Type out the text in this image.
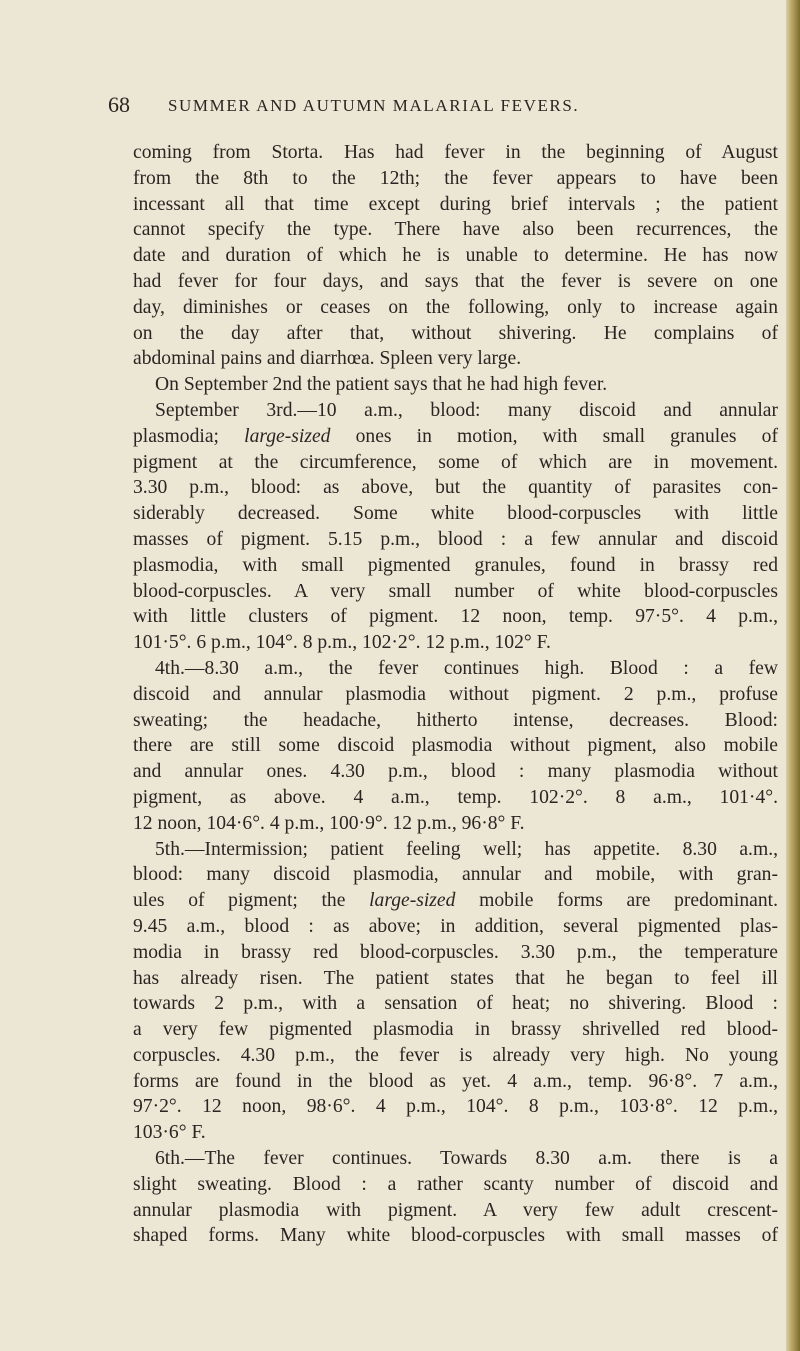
68 SUMMER AND AUTUMN MALARIAL FEVERS.
coming from Storta. Has had fever in the beginning of August
from the 8th to the 12th; the fever appears to have been
incessant all that time except during brief intervals ; the patient
cannot specify the type. There have also been recurrences, the
date and duration of which he is unable to determine. He has now
had fever for four days, and says that the fever is severe on one
day, diminishes or ceases on the following, only to increase again
on the day after that, without shivering. He complains of
abdominal pains and diarrhœa. Spleen very large.
On September 2nd the patient says that he had high fever.
September 3rd.—10 a.m., blood: many discoid and annular
plasmodia; large-sized ones in motion, with small granules of
pigment at the circumference, some of which are in movement.
3.30 p.m., blood: as above, but the quantity of parasites con-
siderably decreased. Some white blood-corpuscles with little
masses of pigment. 5.15 p.m., blood : a few annular and discoid
plasmodia, with small pigmented granules, found in brassy red
blood-corpuscles. A very small number of white blood-corpuscles
with little clusters of pigment. 12 noon, temp. 97·5°. 4 p.m.,
101·5°. 6 p.m., 104°. 8 p.m., 102·2°. 12 p.m., 102° F.
4th.—8.30 a.m., the fever continues high. Blood : a few
discoid and annular plasmodia without pigment. 2 p.m., profuse
sweating; the headache, hitherto intense, decreases. Blood:
there are still some discoid plasmodia without pigment, also mobile
and annular ones. 4.30 p.m., blood : many plasmodia without
pigment, as above. 4 a.m., temp. 102·2°. 8 a.m., 101·4°.
12 noon, 104·6°. 4 p.m., 100·9°. 12 p.m., 96·8° F.
5th.—Intermission; patient feeling well; has appetite. 8.30 a.m.,
blood: many discoid plasmodia, annular and mobile, with gran-
ules of pigment; the large-sized mobile forms are predominant.
9.45 a.m., blood : as above; in addition, several pigmented plas-
modia in brassy red blood-corpuscles. 3.30 p.m., the temperature
has already risen. The patient states that he began to feel ill
towards 2 p.m., with a sensation of heat; no shivering. Blood :
a very few pigmented plasmodia in brassy shrivelled red blood-
corpuscles. 4.30 p.m., the fever is already very high. No young
forms are found in the blood as yet. 4 a.m., temp. 96·8°. 7 a.m.,
97·2°. 12 noon, 98·6°. 4 p.m., 104°. 8 p.m., 103·8°. 12 p.m.,
103·6° F.
6th.—The fever continues. Towards 8.30 a.m. there is a
slight sweating. Blood : a rather scanty number of discoid and
annular plasmodia with pigment. A very few adult crescent-
shaped forms. Many white blood-corpuscles with small masses of
